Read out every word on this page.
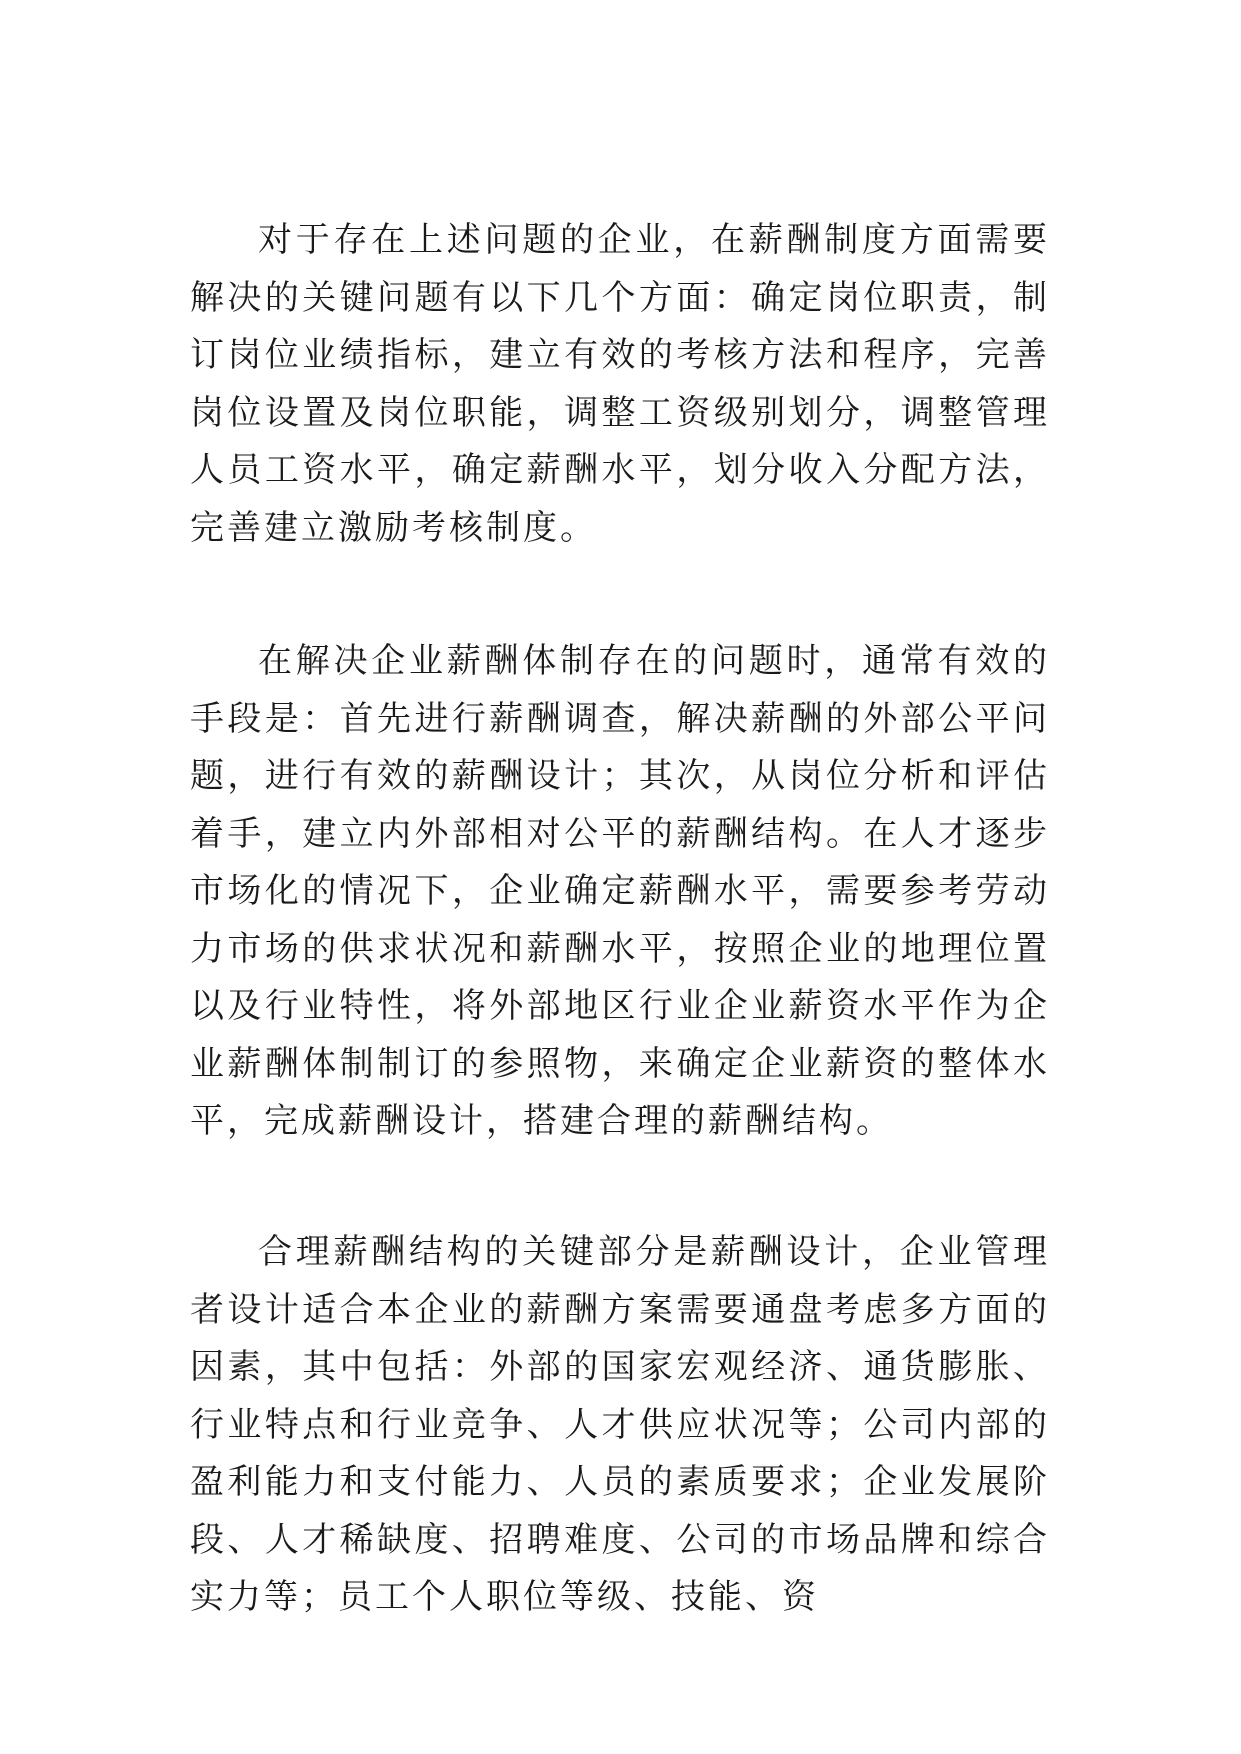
对于存在上述问题的企业，在薪酬制度方面需要解决的关键问题有以下几个方面：确定岗位职责，制订岗位业绩指标，建立有效的考核方法和程序，完善岗位设置及岗位职能，调整工资级别划分，调整管理人员工资水平，确定薪酬水平，划分收入分配方法，完善建立激励考核制度。

在解决企业薪酬体制存在的问题时，通常有效的手段是：首先进行薪酬调查，解决薪酬的外部公平问题，进行有效的薪酬设计；其次，从岗位分析和评估着手，建立内外部相对公平的薪酬结构。在人才逐步市场化的情况下，企业确定薪酬水平，需要参考劳动力市场的供求状况和薪酬水平，按照企业的地理位置以及行业特性，将外部地区行业企业薪资水平作为企业薪酬体制制订的参照物，来确定企业薪资的整体水平，完成薪酬设计，搭建合理的薪酬结构。

合理薪酬结构的关键部分是薪酬设计，企业管理者设计适合本企业的薪酬方案需要通盘考虑多方面的因素，其中包括：外部的国家宏观经济、通货膨胀、行业特点和行业竞争、人才供应状况等；公司内部的盈利能力和支付能力、人员的素质要求；企业发展阶段、人才稀缺度、招聘难度、公司的市场品牌和综合实力等；员工个人职位等级、技能、资
